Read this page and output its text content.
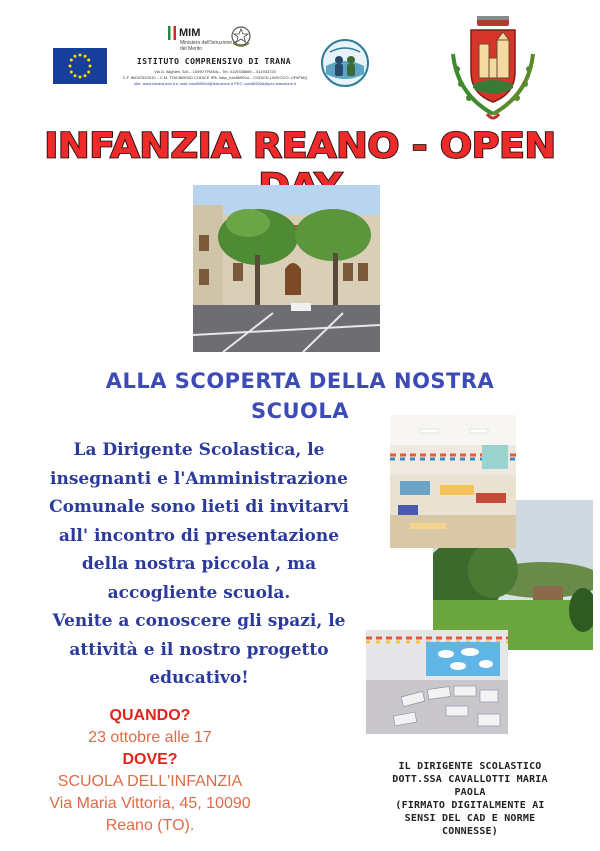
MIM
Ministero dell'Istruzione e del Merito
ISTITUTO COMPRENSIVO DI TRANA
Via D. Alighieri, 5/A – 10090 TRANA – Tel. 0119338889 – 011933720
C.F. 86047610010 – C.M. TOIC86900D CODICE IPA: istsc_toic86900d – CODICE UNIVOCO: UF9FMQ
sito: www.ictrana.edu.it e-mail: toic86900d@istruzione.it PEC: toic86900d@pec.istruzione.it
INFANZIA REANO - OPEN
ALLA SCOPERTA DELLA NOSTRA
SCUOLA
La Dirigente Scolastica, le
insegnanti e l'Amministrazione
Comunale sono lieti di invitarvi
all' incontro di presentazione
della nostra piccola , ma
accogliente scuola.
Venite a conoscere gli spazi, le
attività e il nostro progetto
educativo!
QUANDO?
23 ottobre alle 17
DOVE?
SCUOLA DELL'INFANZIA
Via Maria Vittoria, 45, 10090
Reano (TO).
IL DIRIGENTE SCOLASTICO
DOTT.SSA CAVALLOTTI MARIA
PAOLA
(FIRMATO DIGITALMENTE AI
SENSI DEL CAD E NORME
CONNESSE)
